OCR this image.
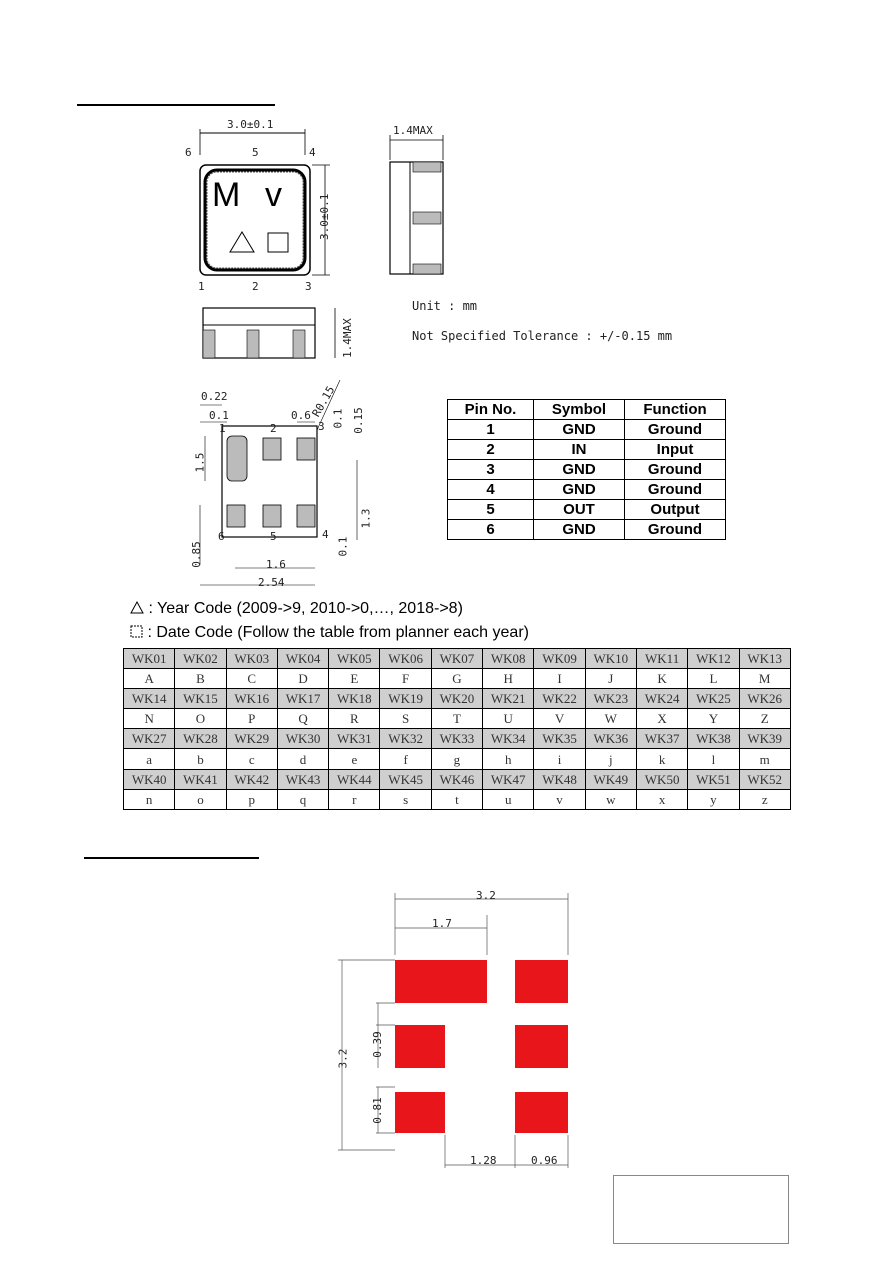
3.0±0.1
3.0±0.1
6	5	4
M v
1	2	3
1.4MAX
1.4MAX
Unit : mm
Not Specified Tolerance : +/-0.15 mm
0.22
0.1	0.6
R0.15
0.1 0.15
1.5
1.3
0.85	0.1
1.6
2.54
1	2	3
4
5
6
Pin No.	Symbol	Function
1	GND	Ground
2	IN	Input
3	GND	Ground
4	GND	Ground
5	OUT	Output
6	GND	Ground
: Year Code (2009->9, 2010->0,…, 2018->8)
: Date Code (Follow the table from planner each year)
WK01	WK02	WK03	WK04	WK05	WK06	WK07	WK08	WK09	WK10	WK11	WK12	WK13
A	B	C	D	E	F	G	H	I	J	K	L	M
WK14	WK15	WK16	WK17	WK18	WK19	WK20	WK21	WK22	WK23	WK24	WK25	WK26
N	O	P	Q	R	S	T	U	V	W	X	Y	Z
WK27	WK28	WK29	WK30	WK31	WK32	WK33	WK34	WK35	WK36	WK37	WK38	WK39
a	b	c	d	e	f	g	h	i	j	k	l	m
WK40	WK41	WK42	WK43	WK44	WK45	WK46	WK47	WK48	WK49	WK50	WK51	WK52
n	o	p	q	r	s	t	u	v	w	x	y	z
3.2
1.7
3.2
0.39
0.81
1.28	0.96
